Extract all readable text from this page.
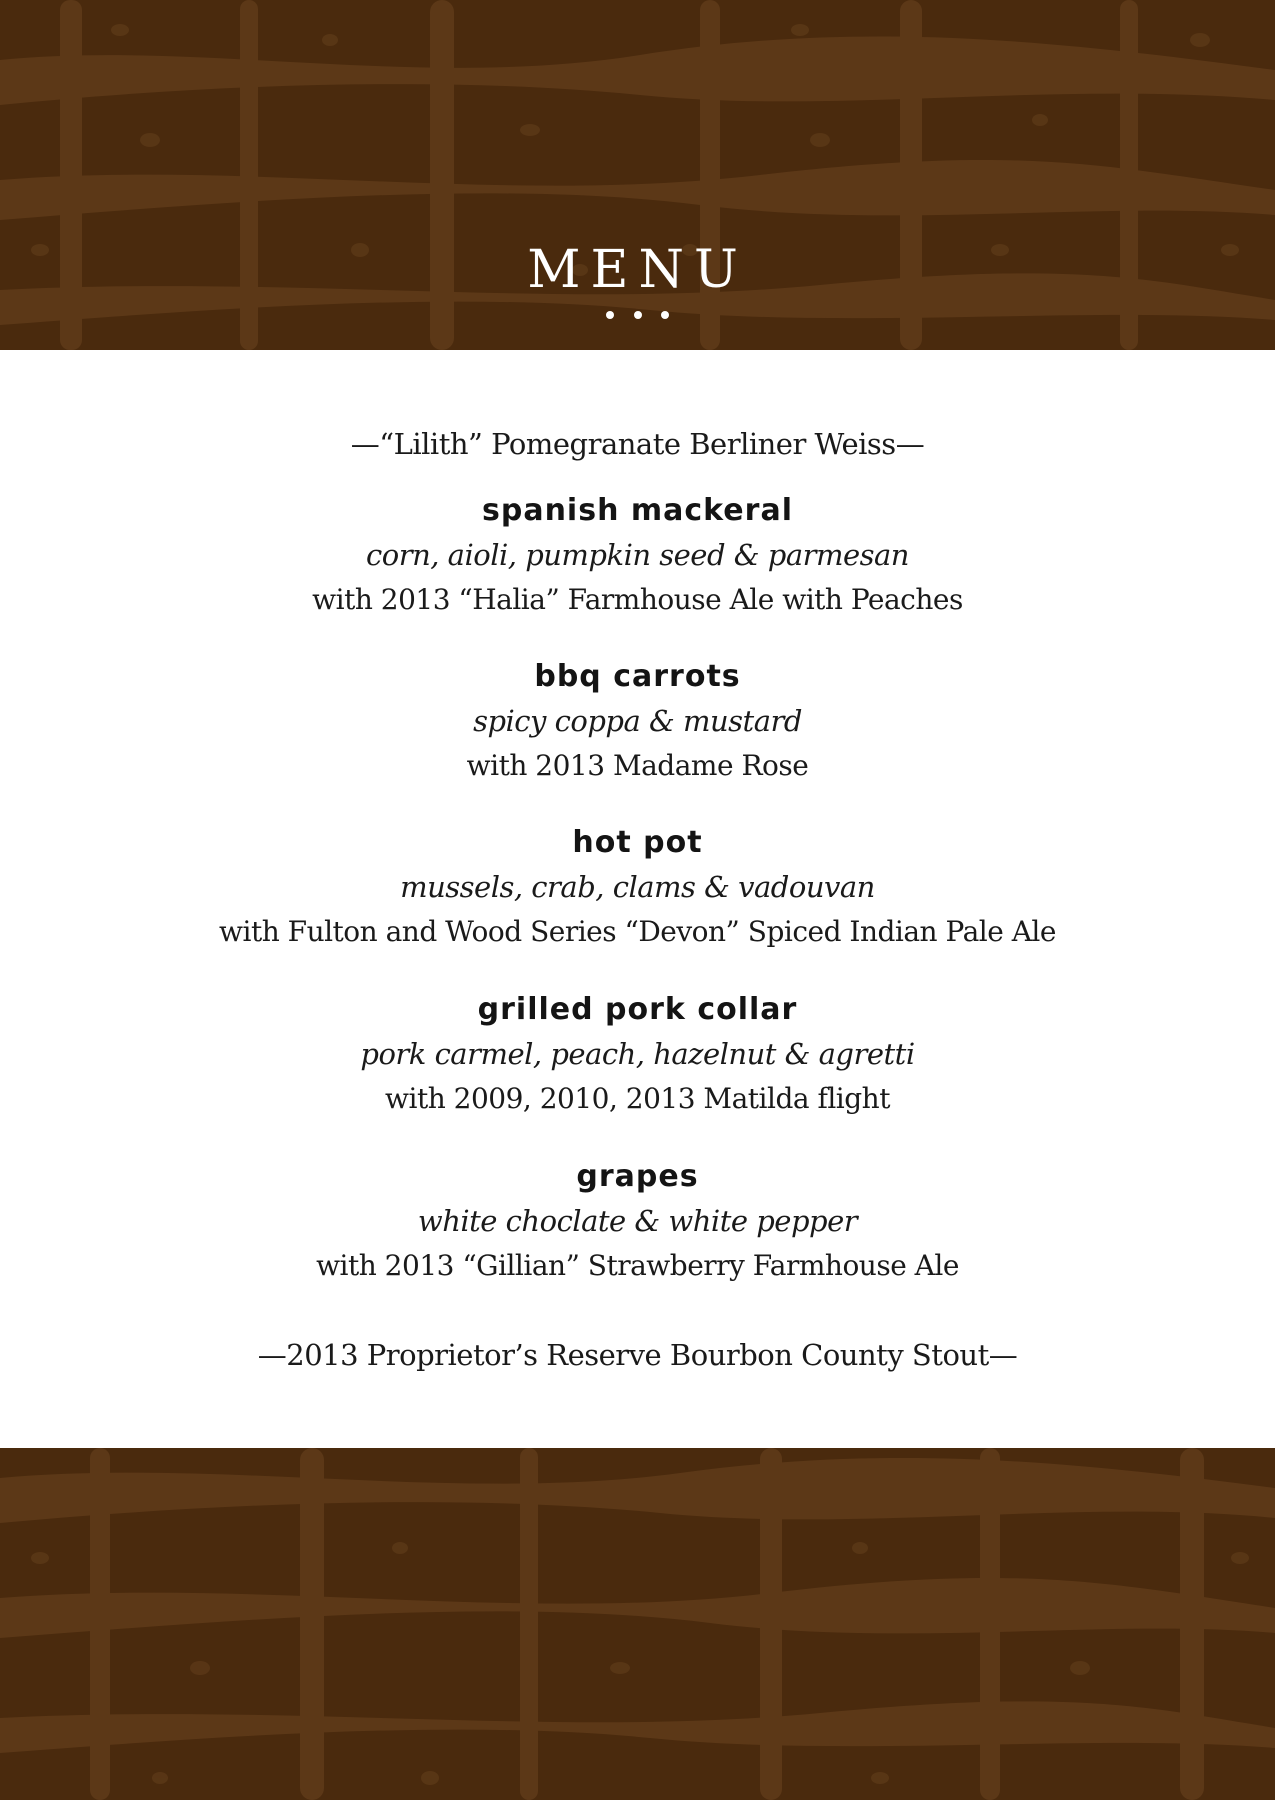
MENU

—“Lilith” Pomegranate Berliner Weiss—
spanish mackeral
corn, aioli, pumpkin seed & parmesan
with 2013 “Halia” Farmhouse Ale with Peaches
bbq carrots
spicy coppa & mustard
with 2013 Madame Rose
hot pot
mussels, crab, clams & vadouvan
with Fulton and Wood Series “Devon” Spiced Indian Pale Ale
grilled pork collar
pork carmel, peach, hazelnut & agretti
with 2009, 2010, 2013 Matilda flight
grapes
white choclate & white pepper
with 2013 “Gillian” Strawberry Farmhouse Ale
—2013 Proprietor’s Reserve Bourbon County Stout—
